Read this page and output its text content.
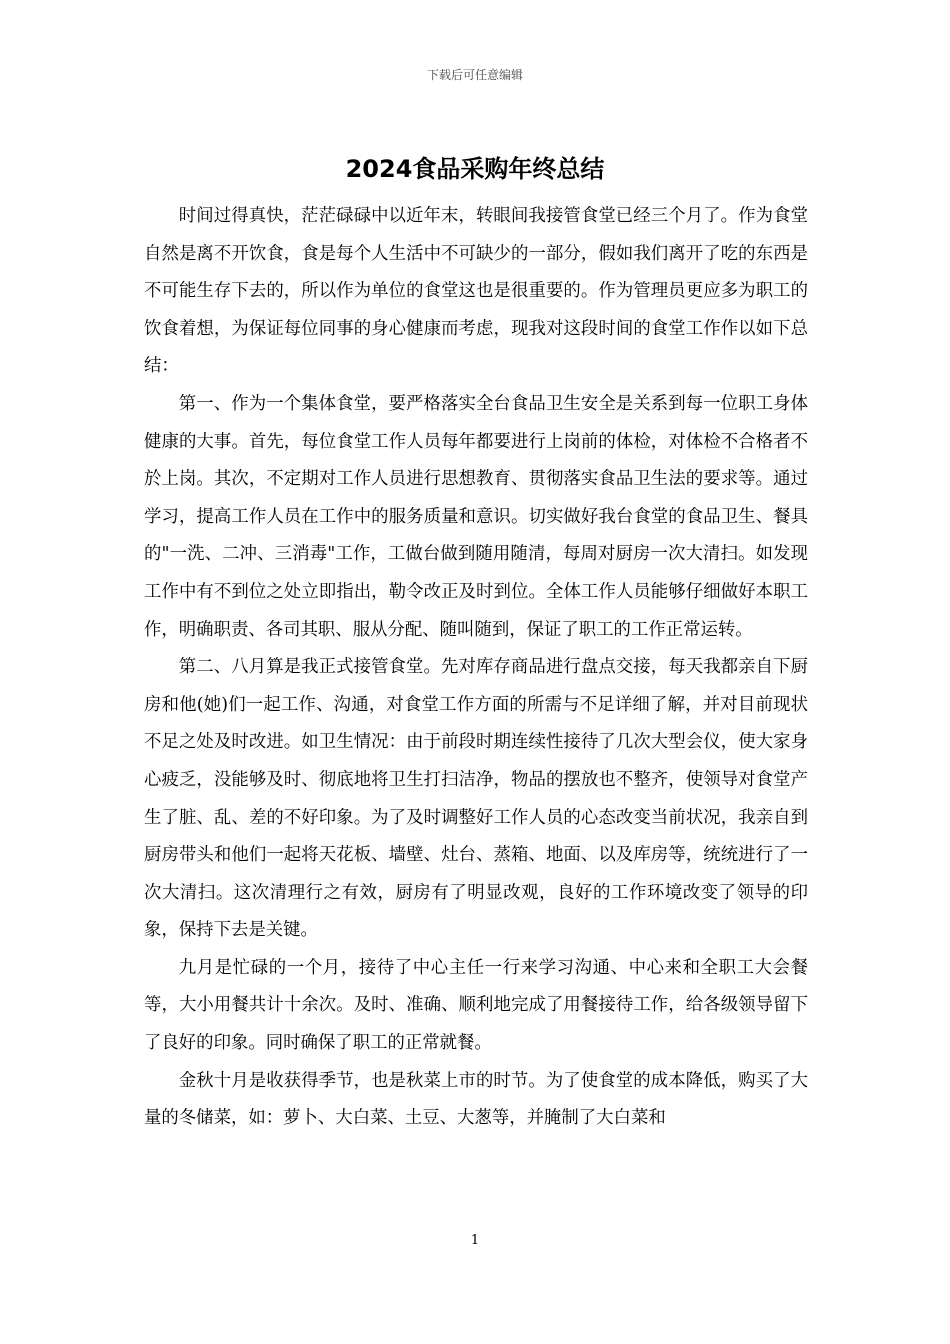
下载后可任意编辑
2024食品采购年终总结

时间过得真快，茫茫碌碌中以近年末，转眼间我接管食堂已经三个月了。作为食堂自然是离不开饮食，食是每个人生活中不可缺少的一部分，假如我们离开了吃的东西是不可能生存下去的，所以作为单位的食堂这也是很重要的。作为管理员更应多为职工的饮食着想，为保证每位同事的身心健康而考虑，现我对这段时间的食堂工作作以如下总结：

第一、作为一个集体食堂，要严格落实全台食品卫生安全是关系到每一位职工身体健康的大事。首先，每位食堂工作人员每年都要进行上岗前的体检，对体检不合格者不於上岗。其次，不定期对工作人员进行思想教育、贯彻落实食品卫生法的要求等。通过学习，提高工作人员在工作中的服务质量和意识。切实做好我台食堂的食品卫生、餐具的"一洗、二冲、三消毒"工作，工做台做到随用随清，每周对厨房一次大清扫。如发现工作中有不到位之处立即指出，勒令改正及时到位。全体工作人员能够仔细做好本职工作，明确职责、各司其职、服从分配、随叫随到，保证了职工的工作正常运转。

第二、八月算是我正式接管食堂。先对库存商品进行盘点交接，每天我都亲自下厨房和他(她)们一起工作、沟通，对食堂工作方面的所需与不足详细了解，并对目前现状不足之处及时改进。如卫生情况：由于前段时期连续性接待了几次大型会仪，使大家身心疲乏，没能够及时、彻底地将卫生打扫洁净，物品的摆放也不整齐，使领导对食堂产生了脏、乱、差的不好印象。为了及时调整好工作人员的心态改变当前状况，我亲自到厨房带头和他们一起将天花板、墙壁、灶台、蒸箱、地面、以及库房等，统统进行了一次大清扫。这次清理行之有效，厨房有了明显改观，良好的工作环境改变了领导的印象，保持下去是关键。

九月是忙碌的一个月，接待了中心主任一行来学习沟通、中心来和全职工大会餐等，大小用餐共计十余次。及时、准确、顺利地完成了用餐接待工作，给各级领导留下了良好的印象。同时确保了职工的正常就餐。

金秋十月是收获得季节，也是秋菜上市的时节。为了使食堂的成本降低，购买了大量的冬储菜，如：萝卜、大白菜、土豆、大葱等，并腌制了大白菜和

1
